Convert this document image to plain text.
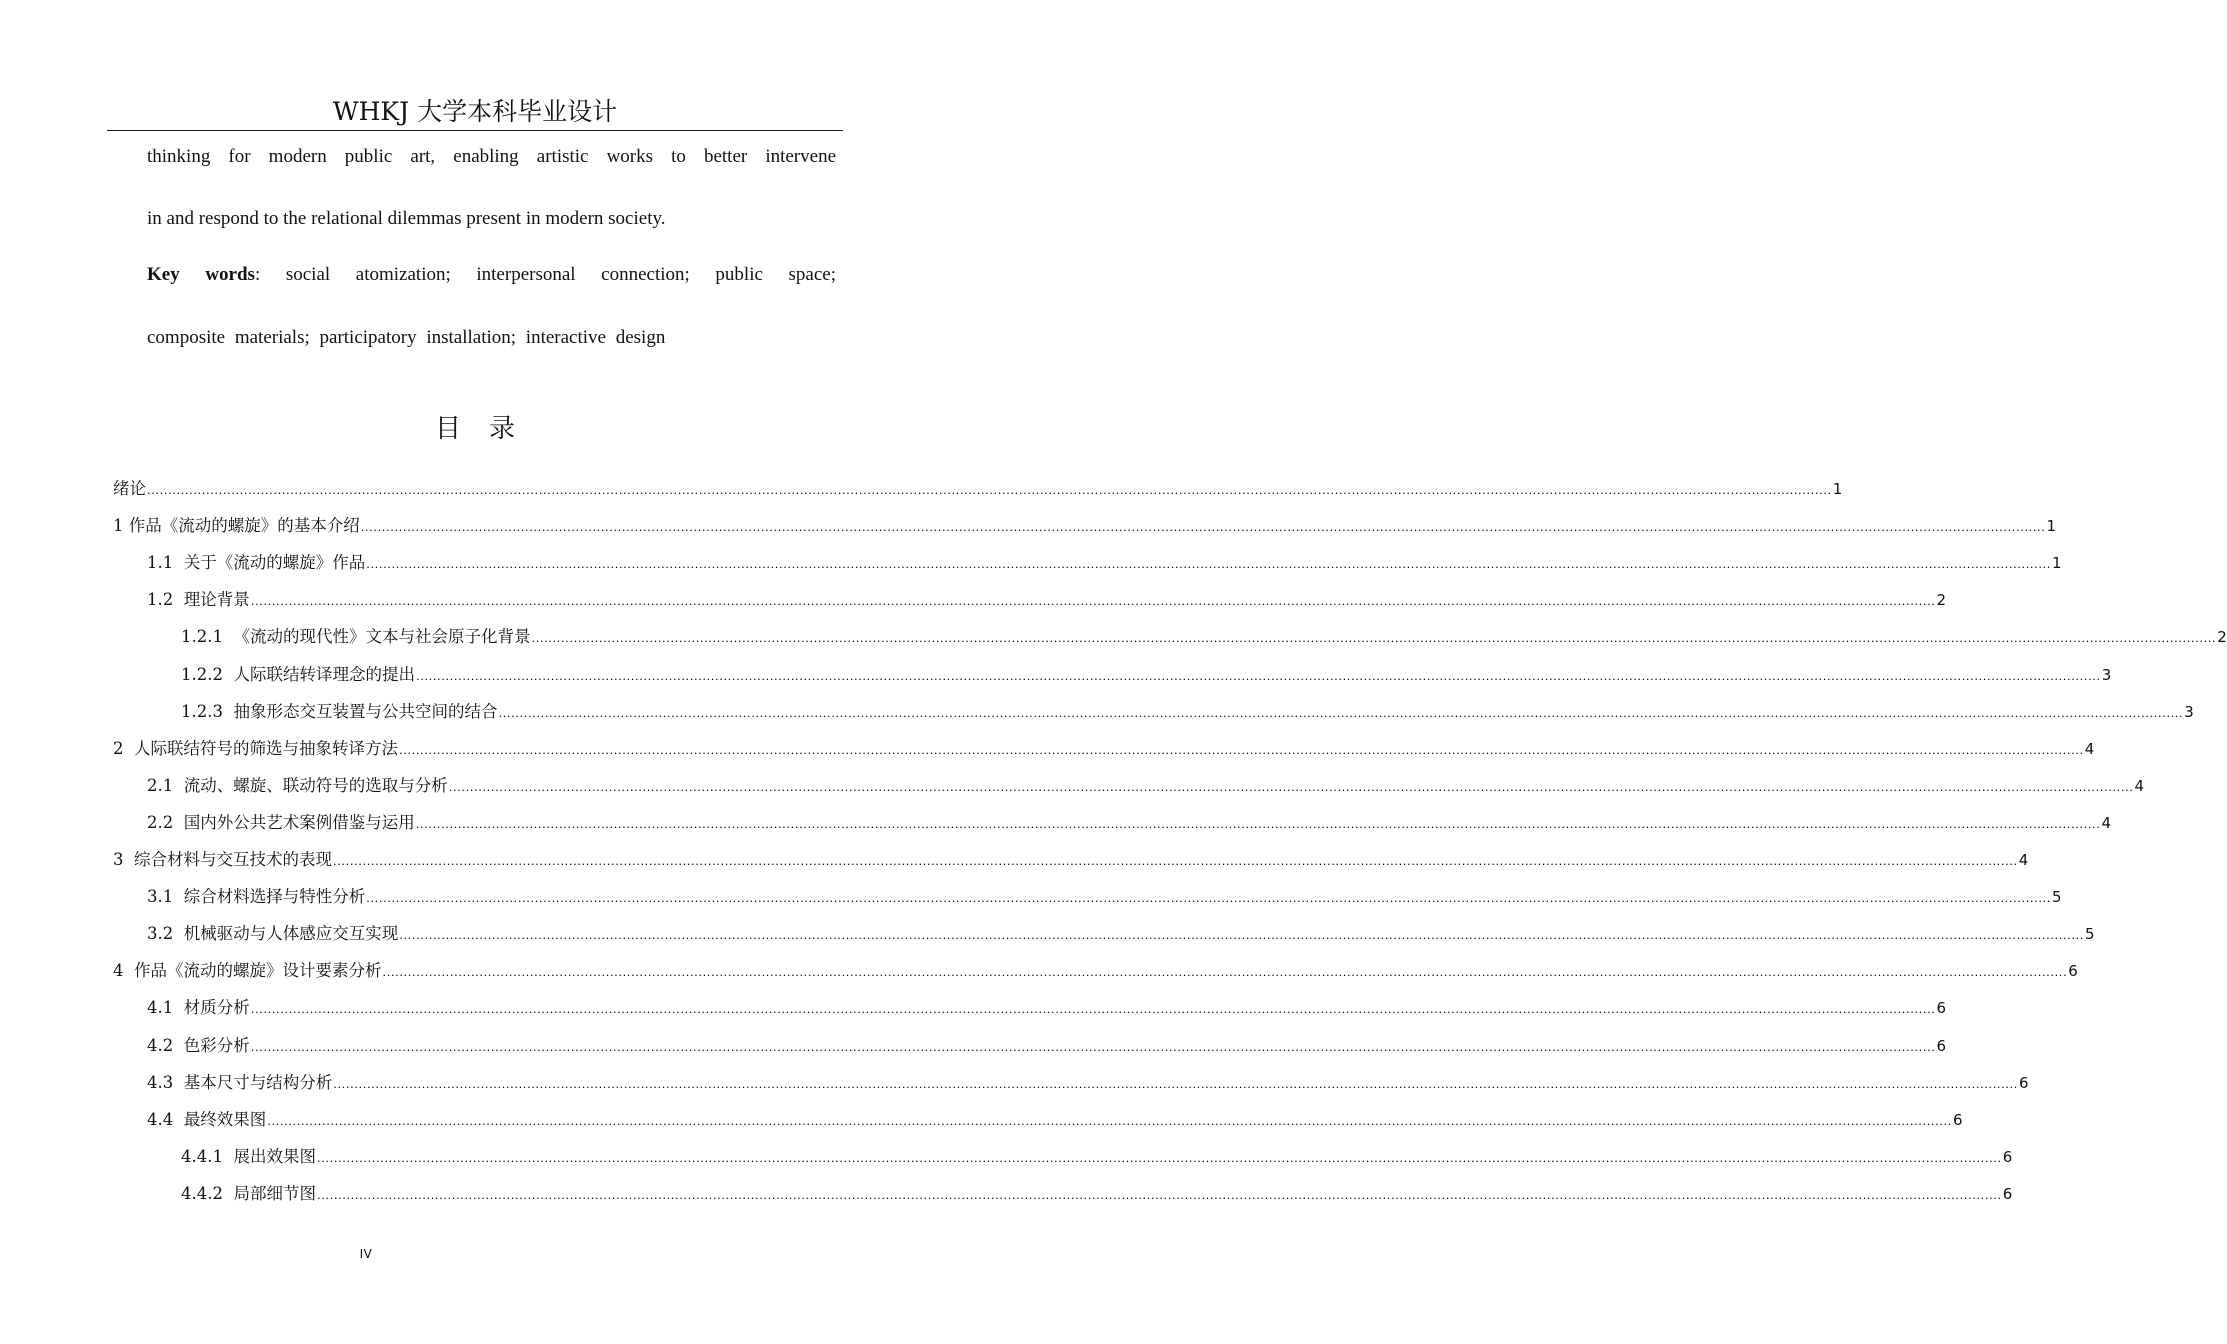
WHKJ 大学本科毕业设计
thinking for modern public art, enabling artistic works to better intervene
in and respond to the relational dilemmas present in modern society.
Key words: social atomization; interpersonal connection; public space;
composite materials; participatory installation; interactive design
目录
绪论 ................................................................................................................................................................................................................................................................................................................................................................................................................ 1
1 作品《流动的螺旋》的基本介绍 ................................................................................................................................................................................................................................................................................................................................................................................................................ 1
1.1 关于《流动的螺旋》作品 ................................................................................................................................................................................................................................................................................................................................................................................................................ 1
1.2 理论背景 ................................................................................................................................................................................................................................................................................................................................................................................................................ 2
1.2.1 《流动的现代性》文本与社会原子化背景 ................................................................................................................................................................................................................................................................................................................................................................................................................ 2
1.2.2 人际联结转译理念的提出 ................................................................................................................................................................................................................................................................................................................................................................................................................ 3
1.2.3 抽象形态交互装置与公共空间的结合 ................................................................................................................................................................................................................................................................................................................................................................................................................ 3
2 人际联结符号的筛选与抽象转译方法 ................................................................................................................................................................................................................................................................................................................................................................................................................ 4
2.1 流动、螺旋、联动符号的选取与分析 ................................................................................................................................................................................................................................................................................................................................................................................................................ 4
2.2 国内外公共艺术案例借鉴与运用 ................................................................................................................................................................................................................................................................................................................................................................................................................ 4
3 综合材料与交互技术的表现 ................................................................................................................................................................................................................................................................................................................................................................................................................ 4
3.1 综合材料选择与特性分析 ................................................................................................................................................................................................................................................................................................................................................................................................................ 5
3.2 机械驱动与人体感应交互实现 ................................................................................................................................................................................................................................................................................................................................................................................................................ 5
4 作品《流动的螺旋》设计要素分析 ................................................................................................................................................................................................................................................................................................................................................................................................................ 6
4.1 材质分析 ................................................................................................................................................................................................................................................................................................................................................................................................................ 6
4.2 色彩分析 ................................................................................................................................................................................................................................................................................................................................................................................................................ 6
4.3 基本尺寸与结构分析 ................................................................................................................................................................................................................................................................................................................................................................................................................ 6
4.4 最终效果图 ................................................................................................................................................................................................................................................................................................................................................................................................................ 6
4.4.1 展出效果图 ................................................................................................................................................................................................................................................................................................................................................................................................................ 6
4.4.2 局部细节图 ................................................................................................................................................................................................................................................................................................................................................................................................................ 6
IV
